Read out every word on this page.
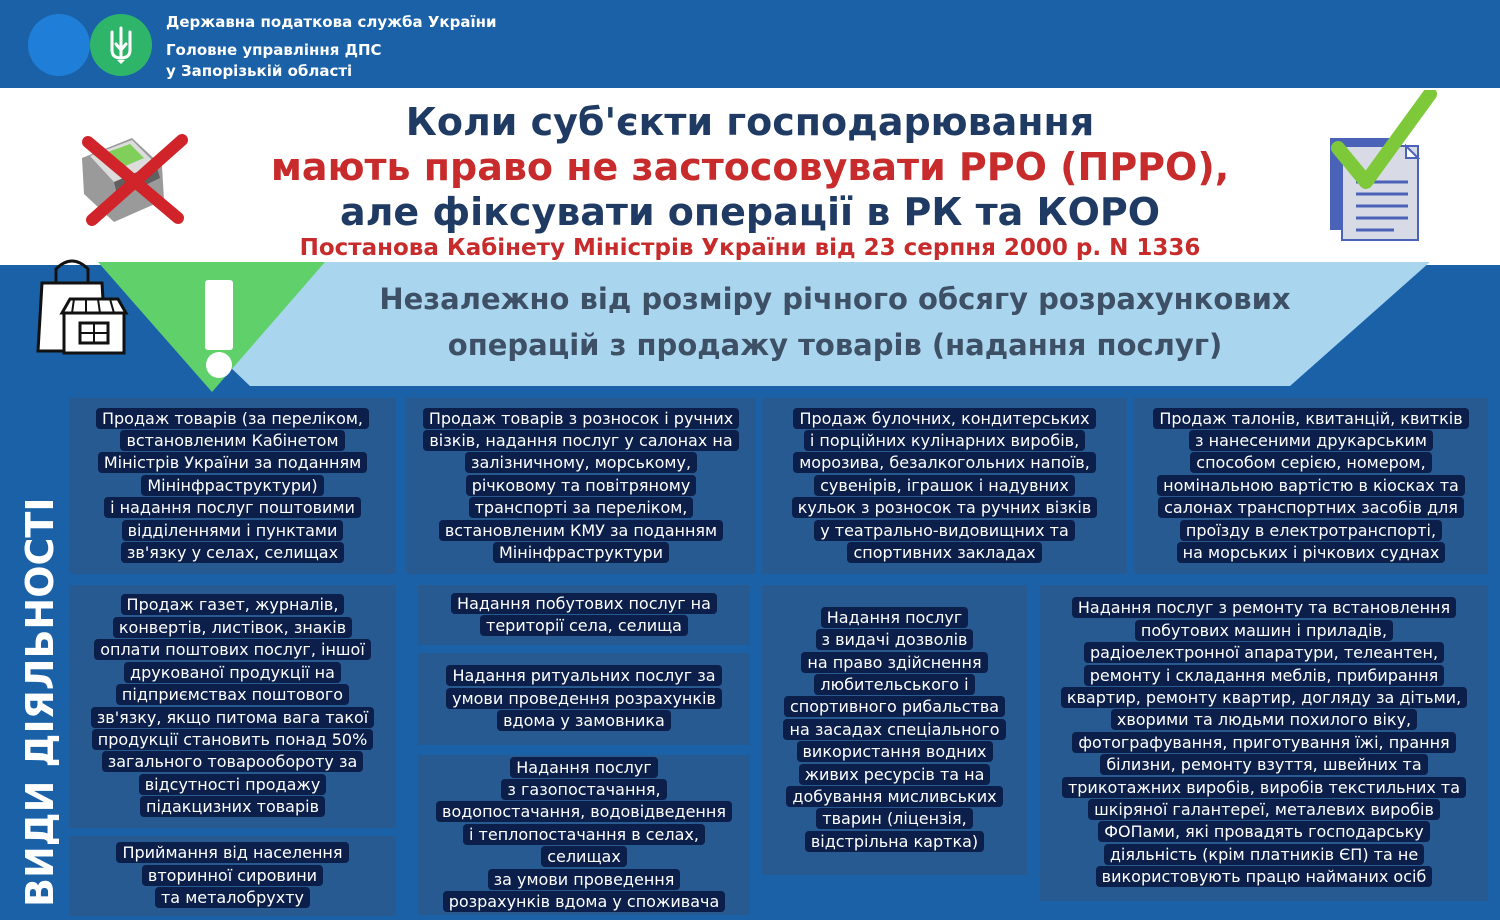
Державна податкова служба України
Головне управління ДПС
у Запорізькій області
Коли суб'єкти господарювання
мають право не застосовувати РРО (ПРРО),
але фіксувати операції в РК та КОРО
Постанова Кабінету Міністрів України від 23 серпня 2000 р. N 1336
Незалежно від розміру річного обсягу розрахункових
операцій з продажу товарів (надання послуг)
ВИДИ ДІЯЛЬНОСТІ

Продаж товарів (за переліком,
встановленим Кабінетом
Міністрів України за поданням
Мінінфраструктури)
і надання послуг поштовими
відділеннями і пунктами
зв'язку у селах, селищах

Продаж товарів з розносок і ручних
візків, надання послуг у салонах на
залізничному, морському,
річковому та повітряному
транспорті за переліком,
встановленим КМУ за поданням
Мінінфраструктури

Продаж булочних, кондитерських
і порційних кулінарних виробів,
морозива, безалкогольних напоїв,
сувенірів, іграшок і надувних
кульок з розносок та ручних візків
у театрально-видовищних та
спортивних закладах

Продаж талонів, квитанцій, квитків
з нанесеними друкарським
способом серією, номером,
номінальною вартістю в кіосках та
салонах транспортних засобів для
проїзду в електротранспорті,
на морських і річкових суднах

Продаж газет, журналів,
конвертів, листівок, знаків
оплати поштових послуг, іншої
друкованої продукції на
підприємствах поштового
зв'язку, якщо питома вага такої
продукції становить понад 50%
загального товарообороту за
відсутності продажу
підакцизних товарів

Приймання від населення
вторинної сировини
та металобрухту

Надання побутових послуг на
території села, селища

Надання ритуальних послуг за
умови проведення розрахунків
вдома у замовника

Надання послуг
з газопостачання,
водопостачання, водовідведення
і теплопостачання в селах,
селищах
за умови проведення
розрахунків вдома у споживача

Надання послуг
з видачі дозволів
на право здійснення
любительського і
спортивного рибальства
на засадах спеціального
використання водних
живих ресурсів та на
добування мисливських
тварин (ліцензія,
відстрільна картка)

Надання послуг з ремонту та встановлення
побутових машин і приладів,
радіоелектронної апаратури, телеантен,
ремонту і складання меблів, прибирання
квартир, ремонту квартир, догляду за дітьми,
хворими та людьми похилого віку,
фотографування, приготування їжі, прання
білизни, ремонту взуття, швейних та
трикотажних виробів, виробів текстильних та
шкіряної галантереї, металевих виробів
ФОПами, які провадять господарську
діяльність (крім платників ЄП) та не
використовують працю найманих осіб
